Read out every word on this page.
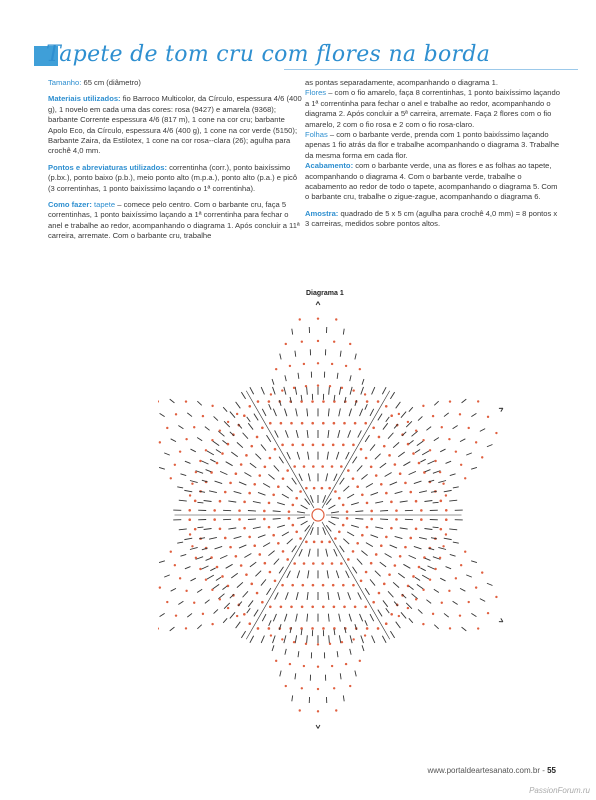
Tapete de tom cru com flores na borda

Tamanho: 65 cm (diâmetro)

Materiais utilizados: fio Barroco Multicolor, da Círculo, espessura 4/6 (400 g), 1 novelo em cada uma das cores: rosa (9427) e amarela (9368); barbante Corrente espessura 4/6 (817 m), 1 cone na cor cru; barbante Apolo Eco, da Círculo, espessura 4/6 (400 g), 1 cone na cor verde (5150); Barbante Zaira, da Estilotex, 1 cone na cor rosa-‑clara (26); agulha para crochê 4,0 mm.

Pontos e abreviaturas utilizados: correntinha (corr.), ponto baixíssimo (p.bx.), ponto baixo (p.b.), meio ponto alto (m.p.a.), ponto alto (p.a.) e picô (3 correntinhas, 1 ponto baixíssimo laçando o 1ª correntinha).

Como fazer: tapete – comece pelo centro. Com o barbante cru, faça 5 correntinhas, 1 ponto baixíssimo laçando a 1ª correntinha para fechar o anel e trabalhe ao redor, acompanhando o diagrama 1. Após concluir a 11ª carreira, arremate. Com o barbante cru, trabalhe

as pontas separadamente, acompanhando o diagrama 1.

Flores – com o fio amarelo, faça 8 correntinhas, 1 ponto baixíssimo laçando a 1ª correntinha para fechar o anel e trabalhe ao redor, acompanhando o diagrama 2. Após concluir a 5ª carreira, arremate. Faça 2 flores com o fio amarelo, 2 com o fio rosa e 2 com o fio rosa-claro.

Folhas – com o barbante verde, prenda com 1 ponto baixíssimo laçando apenas 1 fio atrás da flor e trabalhe acompanhando o diagrama 3. Trabalhe da mesma forma em cada flor.

Acabamento: com o barbante verde, una as flores e as folhas ao tapete, acompanhando o diagrama 4. Com o barbante verde, trabalhe o acabamento ao redor de todo o tapete, acompanhando o diagrama 5. Com o barbante cru, trabalhe o zigue-zague, acompanhando o diagrama 6.

Amostra: quadrado de 5 x 5 cm (agulha para crochê 4,0 mm) = 8 pontos x 3 carreiras, medidos sobre pontos altos.

Diagrama 1
www.portaldeartesanato.com.br - 55
PassionForum.ru
